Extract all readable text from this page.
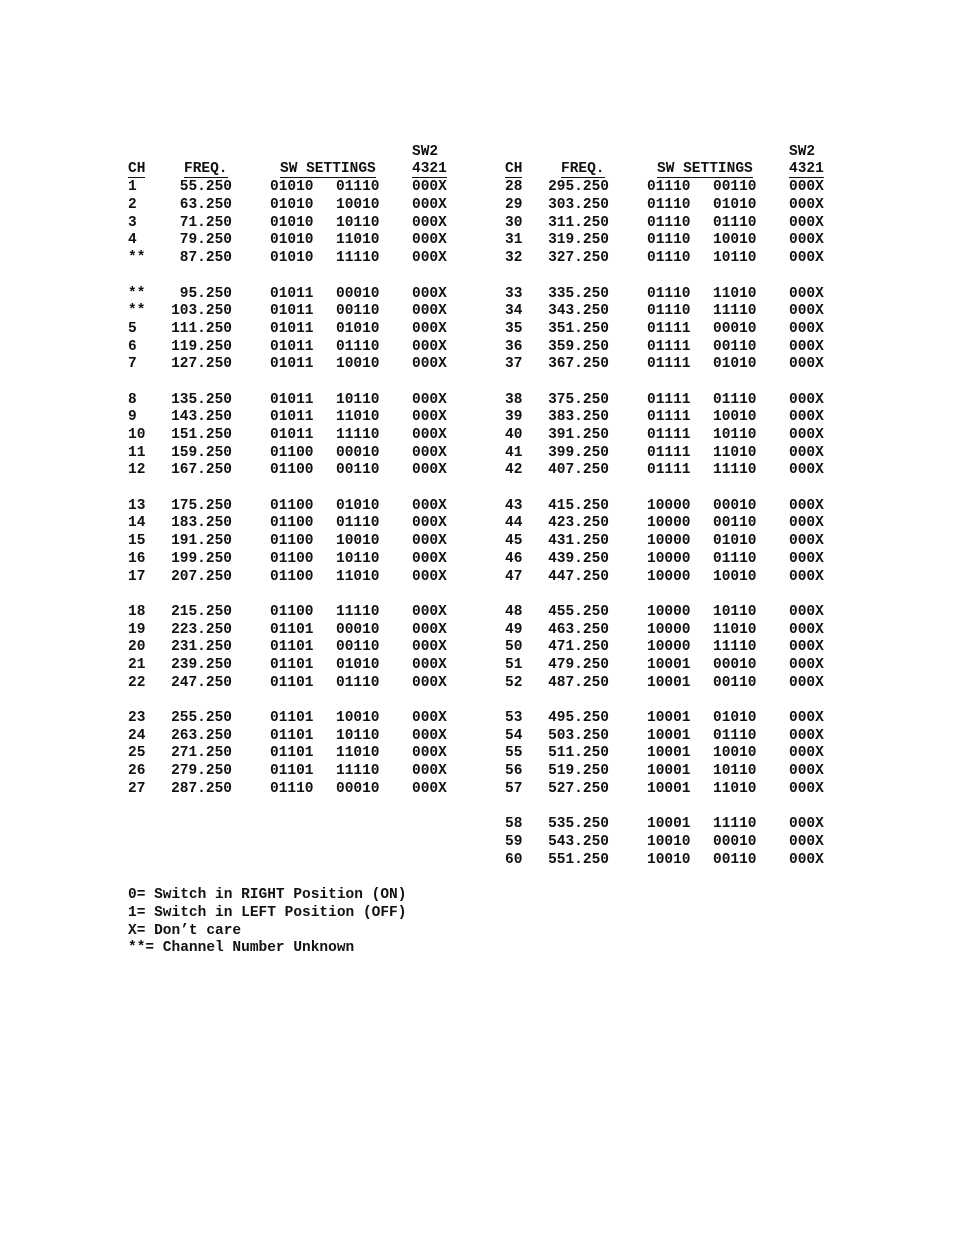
SW2
CH	FREQ.	SW SETTINGS	4321
1	55.250	01010 01110 000X
2	63.250	01010 10010 000X
3	71.250	01010 10110 000X
4	79.250	01010 11010 000X
**	87.250	01010 11110 000X
**	95.250	01011 00010 000X
**	103.250	01011 00110 000X
5	111.250	01011 01010 000X
6	119.250	01011 01110 000X
7	127.250	01011 10010 000X
8	135.250	01011 10110 000X
9	143.250	01011 11010 000X
10	151.250	01011 11110 000X
11	159.250	01100 00010 000X
12	167.250	01100 00110 000X
13	175.250	01100 01010 000X
14	183.250	01100 01110 000X
15	191.250	01100 10010 000X
16	199.250	01100 10110 000X
17	207.250	01100 11010 000X
18	215.250	01100 11110 000X
19	223.250	01101 00010 000X
20	231.250	01101 00110 000X
21	239.250	01101 01010 000X
22	247.250	01101 01110 000X
23	255.250	01101 10010 000X
24	263.250	01101 10110 000X
25	271.250	01101 11010 000X
26	279.250	01101 11110 000X
27	287.250	01110 00010 000X
SW2
CH	FREQ.	SW SETTINGS	4321
28	295.250	01110 00110 000X
29	303.250	01110 01010 000X
30	311.250	01110 01110 000X
31	319.250	01110 10010 000X
32	327.250	01110 10110 000X
33	335.250	01110 11010 000X
34	343.250	01110 11110 000X
35	351.250	01111 00010 000X
36	359.250	01111 00110 000X
37	367.250	01111 01010 000X
38	375.250	01111 01110 000X
39	383.250	01111 10010 000X
40	391.250	01111 10110 000X
41	399.250	01111 11010 000X
42	407.250	01111 11110 000X
43	415.250	10000 00010 000X
44	423.250	10000 00110 000X
45	431.250	10000 01010 000X
46	439.250	10000 01110 000X
47	447.250	10000 10010 000X
48	455.250	10000 10110 000X
49	463.250	10000 11010 000X
50	471.250	10000 11110 000X
51	479.250	10001 00010 000X
52	487.250	10001 00110 000X
53	495.250	10001 01010 000X
54	503.250	10001 01110 000X
55	511.250	10001 10010 000X
56	519.250	10001 10110 000X
57	527.250	10001 11010 000X
58	535.250	10001 11110 000X
59	543.250	10010 00010 000X
60	551.250	10010 00110 000X
0= Switch in RIGHT Position (ON)
1= Switch in LEFT Position (OFF)
X= Don’t care
**= Channel Number Unknown
